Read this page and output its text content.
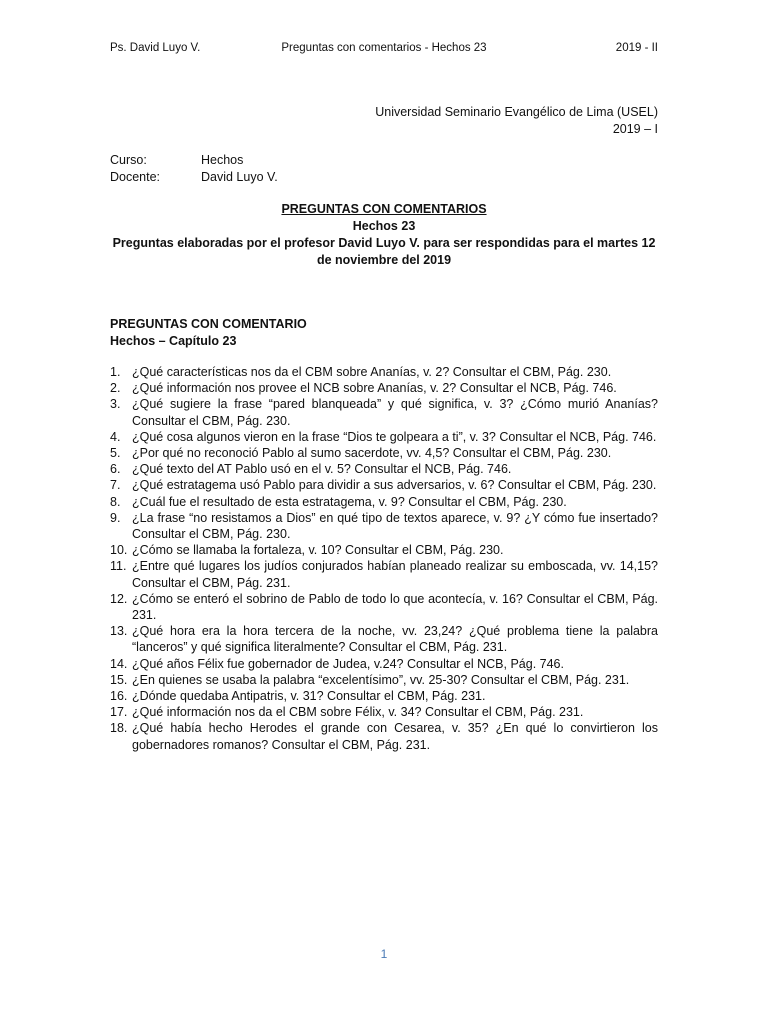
Ps. David Luyo V.	Preguntas con comentarios - Hechos 23	2019 - II
Universidad Seminario Evangélico de Lima (USEL)
2019 – I
Curso:	Hechos
Docente:	David Luyo V.
PREGUNTAS CON COMENTARIOS
Hechos 23
Preguntas elaboradas por el profesor David Luyo V. para ser respondidas para el martes 12 de noviembre del 2019
PREGUNTAS CON COMENTARIO
Hechos – Capítulo 23
1. ¿Qué características nos da el CBM sobre Ananías, v. 2? Consultar el CBM, Pág. 230.
2. ¿Qué información nos provee el NCB sobre Ananías, v. 2? Consultar el NCB, Pág. 746.
3. ¿Qué sugiere la frase “pared blanqueada” y qué significa, v. 3? ¿Cómo murió Ananías? Consultar el CBM, Pág. 230.
4. ¿Qué cosa algunos vieron en la frase “Dios te golpeara a ti”, v. 3? Consultar el NCB, Pág. 746.
5. ¿Por qué no reconoció Pablo al sumo sacerdote, vv. 4,5? Consultar el CBM, Pág. 230.
6. ¿Qué texto del AT Pablo usó en el v. 5? Consultar el NCB, Pág. 746.
7. ¿Qué estratagema usó Pablo para dividir a sus adversarios, v. 6? Consultar el CBM, Pág. 230.
8. ¿Cuál fue el resultado de esta estratagema, v. 9? Consultar el CBM, Pág. 230.
9. ¿La frase “no resistamos a Dios” en qué tipo de textos aparece, v. 9? ¿Y cómo fue insertado? Consultar el CBM, Pág. 230.
10. ¿Cómo se llamaba la fortaleza, v. 10? Consultar el CBM, Pág. 230.
11. ¿Entre qué lugares los judíos conjurados habían planeado realizar su emboscada, vv. 14,15? Consultar el CBM, Pág. 231.
12. ¿Cómo se enteró el sobrino de Pablo de todo lo que acontecía, v. 16? Consultar el CBM, Pág. 231.
13. ¿Qué hora era la hora tercera de la noche, vv. 23,24? ¿Qué problema tiene la palabra “lanceros” y qué significa literalmente? Consultar el CBM, Pág. 231.
14. ¿Qué años Félix fue gobernador de Judea, v.24? Consultar el NCB, Pág. 746.
15. ¿En quienes se usaba la palabra “excelentísimo”, vv. 25-30? Consultar el CBM, Pág. 231.
16. ¿Dónde quedaba Antipatris, v. 31? Consultar el CBM, Pág. 231.
17. ¿Qué información nos da el CBM sobre Félix, v. 34? Consultar el CBM, Pág. 231.
18. ¿Qué había hecho Herodes el grande con Cesarea, v. 35? ¿En qué lo convirtieron los gobernadores romanos? Consultar el CBM, Pág. 231.
1
